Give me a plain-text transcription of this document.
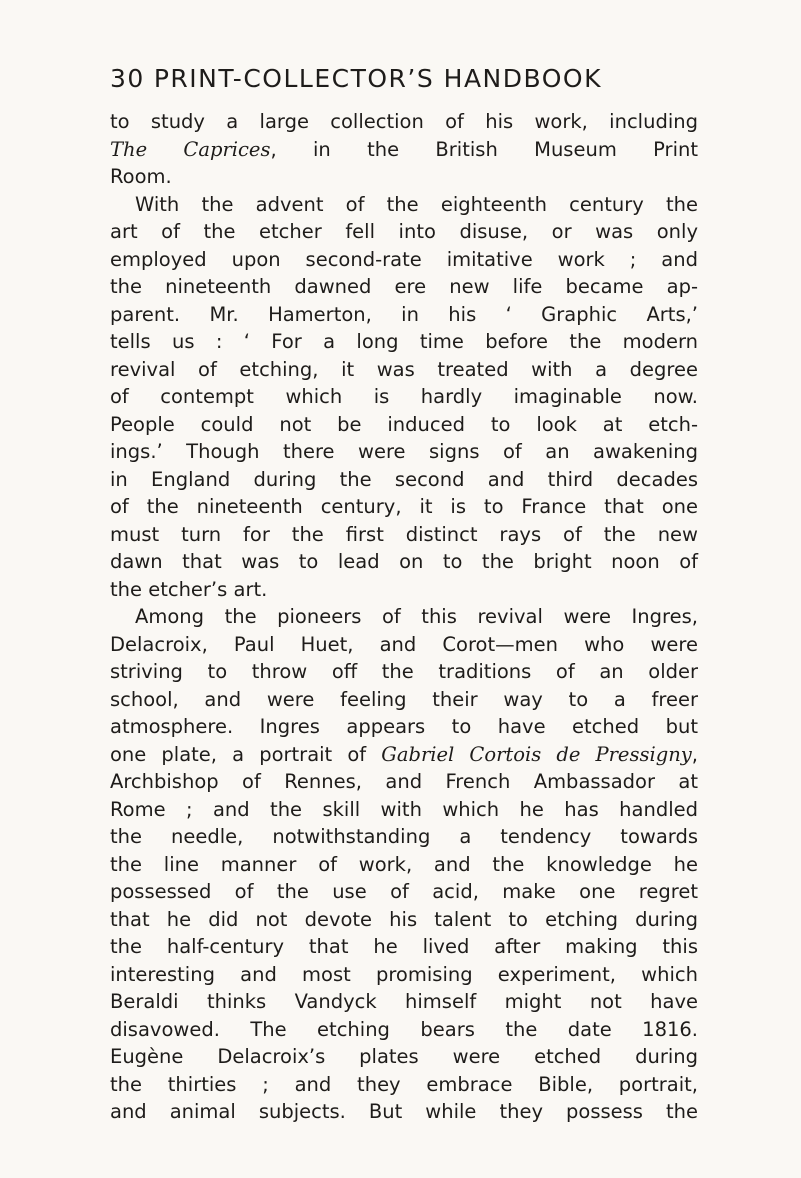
30 PRINT-COLLECTOR’S HANDBOOK
to study a large collection of his work, including
The Caprices, in the British Museum Print
Room.
With the advent of the eighteenth century the
art of the etcher fell into disuse, or was only
employed upon second-rate imitative work ; and
the nineteenth dawned ere new life became ap-
parent. Mr. Hamerton, in his ‘ Graphic Arts,’
tells us : ‘ For a long time before the modern
revival of etching, it was treated with a degree
of contempt which is hardly imaginable now.
People could not be induced to look at etch-
ings.’ Though there were signs of an awakening
in England during the second and third decades
of the nineteenth century, it is to France that one
must turn for the first distinct rays of the new
dawn that was to lead on to the bright noon of
the etcher’s art.
Among the pioneers of this revival were Ingres,
Delacroix, Paul Huet, and Corot—men who were
striving to throw off the traditions of an older
school, and were feeling their way to a freer
atmosphere. Ingres appears to have etched but
one plate, a portrait of Gabriel Cortois de Pressigny,
Archbishop of Rennes, and French Ambassador at
Rome ; and the skill with which he has handled
the needle, notwithstanding a tendency towards
the line manner of work, and the knowledge he
possessed of the use of acid, make one regret
that he did not devote his talent to etching during
the half-century that he lived after making this
interesting and most promising experiment, which
Beraldi thinks Vandyck himself might not have
disavowed. The etching bears the date 1816.
Eugène Delacroix’s plates were etched during
the thirties ; and they embrace Bible, portrait,
and animal subjects. But while they possess the
